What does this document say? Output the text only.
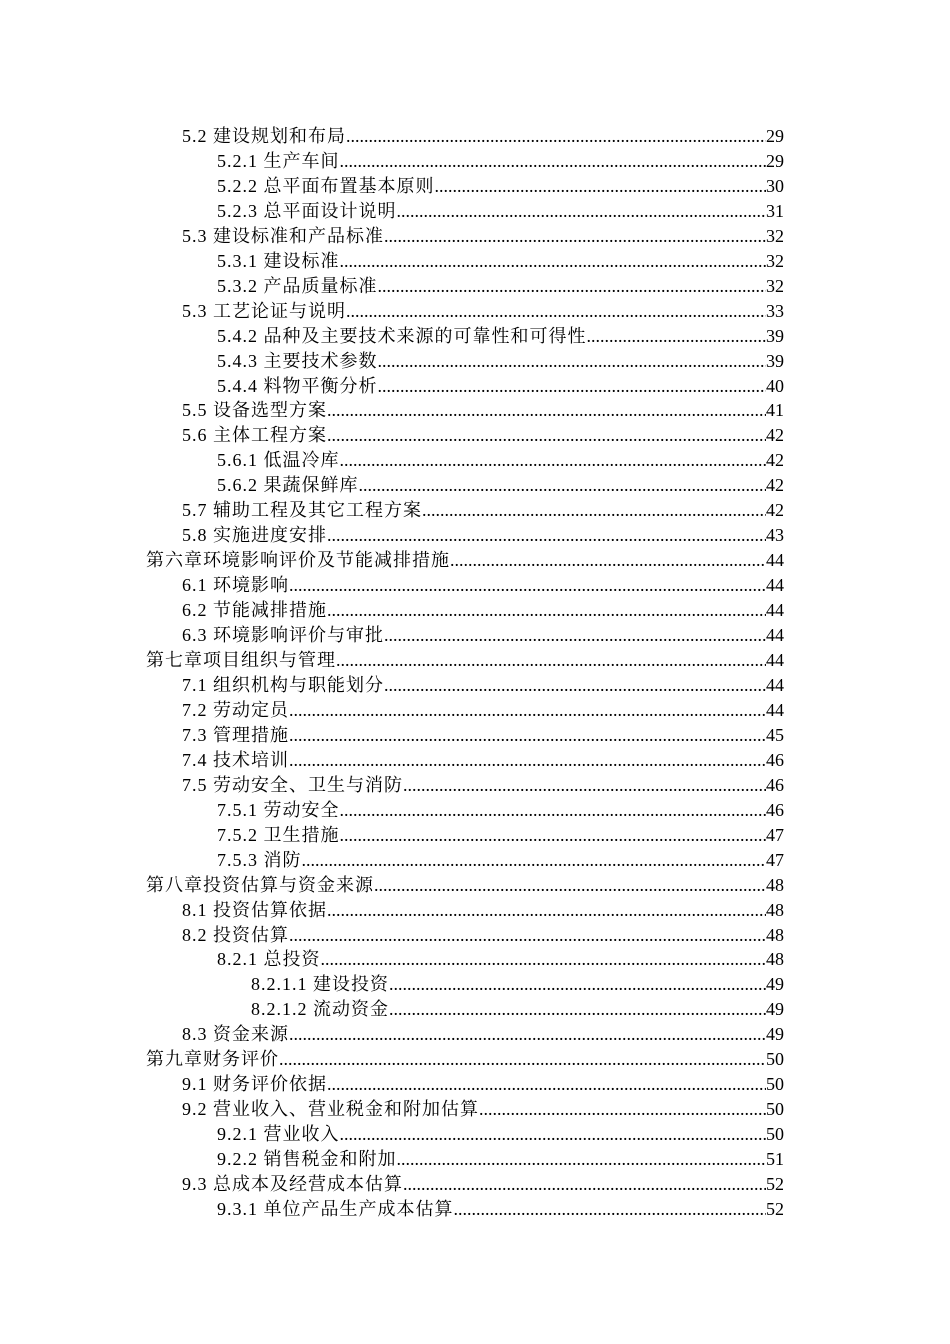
5.2 建设规划和布局 .....	29
5.2.1 生产车间 .....	29
5.2.2 总平面布置基本原则 .....	30
5.2.3 总平面设计说明 .....	31
5.3 建设标准和产品标准 .....	32
5.3.1 建设标准 .....	32
5.3.2 产品质量标准 .....	32
5.3 工艺论证与说明 .....	33
5.4.2 品种及主要技术来源的可靠性和可得性 .....	39
5.4.3 主要技术参数 .....	39
5.4.4 料物平衡分析 .....	40
5.5 设备选型方案 .....	41
5.6 主体工程方案 .....	42
5.6.1 低温冷库 .....	42
5.6.2 果蔬保鲜库 .....	42
5.7 辅助工程及其它工程方案 .....	42
5.8 实施进度安排 .....	43
第六章环境影响评价及节能减排措施 .....	44
6.1 环境影响 .....	44
6.2 节能减排措施 .....	44
6.3 环境影响评价与审批 .....	44
第七章项目组织与管理 .....	44
7.1 组织机构与职能划分 .....	44
7.2 劳动定员 .....	44
7.3 管理措施 .....	45
7.4 技术培训 .....	46
7.5 劳动安全、卫生与消防 .....	46
7.5.1 劳动安全 .....	46
7.5.2 卫生措施 .....	47
7.5.3 消防 .....	47
第八章投资估算与资金来源 .....	48
8.1 投资估算依据 .....	48
8.2 投资估算 .....	48
8.2.1 总投资 .....	48
8.2.1.1 建设投资 .....	49
8.2.1.2 流动资金 .....	49
8.3 资金来源 .....	49
第九章财务评价 .....	50
9.1 财务评价依据 .....	50
9.2 营业收入、营业税金和附加估算 .....	50
9.2.1 营业收入 .....	50
9.2.2 销售税金和附加 .....	51
9.3 总成本及经营成本估算 .....	52
9.3.1 单位产品生产成本估算 .....	52
